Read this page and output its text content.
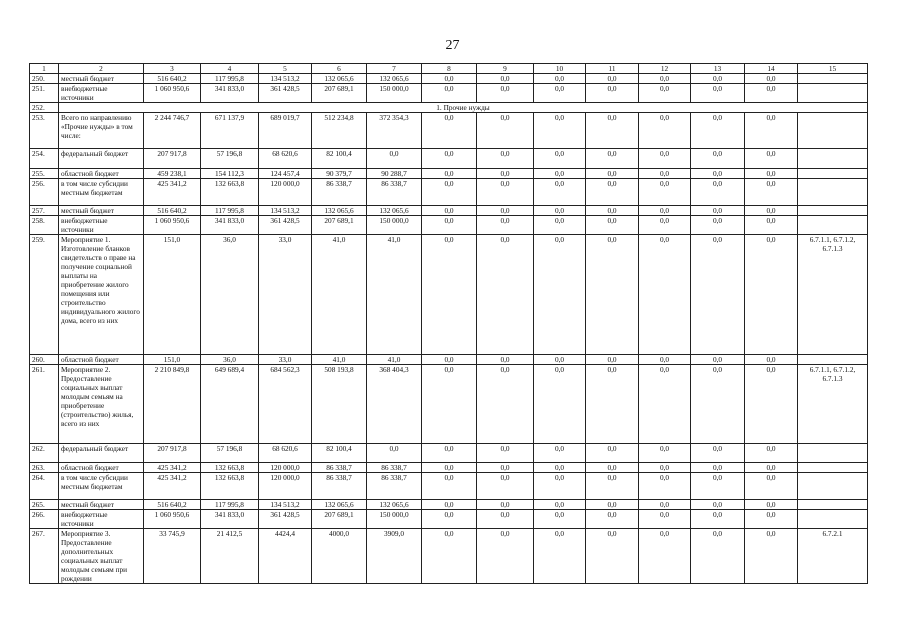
27
1	2	3	4	5	6	7	8	9	10	11	12	13	14	15
250.	местный бюджет	516 640,2	117 995,8	134 513,2	132 065,6	132 065,6	0,0	0,0	0,0	0,0	0,0	0,0	0,0	
251.	внебюджетные источники	1 060 950,6	341 833,0	361 428,5	207 689,1	150 000,0	0,0	0,0	0,0	0,0	0,0	0,0	0,0	
252.	1. Прочие нужды													
253.	Всего по направлению «Прочие нужды» в том числе:	2 244 746,7	671 137,9	689 019,7	512 234,8	372 354,3	0,0	0,0	0,0	0,0	0,0	0,0	0,0	
254.	федеральный бюджет	207 917,8	57 196,8	68 620,6	82 100,4	0,0	0,0	0,0	0,0	0,0	0,0	0,0	0,0	
255.	областной бюджет	459 238,1	154 112,3	124 457,4	90 379,7	90 288,7	0,0	0,0	0,0	0,0	0,0	0,0	0,0	
256.	в том числе субсидии местным бюджетам	425 341,2	132 663,8	120 000,0	86 338,7	86 338,7	0,0	0,0	0,0	0,0	0,0	0,0	0,0	
257.	местный бюджет	516 640,2	117 995,8	134 513,2	132 065,6	132 065,6	0,0	0,0	0,0	0,0	0,0	0,0	0,0	
258.	внебюджетные источники	1 060 950,6	341 833,0	361 428,5	207 689,1	150 000,0	0,0	0,0	0,0	0,0	0,0	0,0	0,0	
259.	Мероприятие 1. Изготовление бланков свидетельств о праве на получение социальной выплаты на приобретение жилого помещения или строительство индивидуального жилого дома, всего из них	151,0	36,0	33,0	41,0	41,0	0,0	0,0	0,0	0,0	0,0	0,0	0,0	6.7.1.1, 6.7.1.2, 6.7.1.3
260.	областной бюджет	151,0	36,0	33,0	41,0	41,0	0,0	0,0	0,0	0,0	0,0	0,0	0,0	
261.	Мероприятие 2. Предоставление социальных выплат молодым семьям на приобретение (строительство) жилья, всего из них	2 210 849,8	649 689,4	684 562,3	508 193,8	368 404,3	0,0	0,0	0,0	0,0	0,0	0,0	0,0	6.7.1.1, 6.7.1.2, 6.7.1.3
262.	федеральный бюджет	207 917,8	57 196,8	68 620,6	82 100,4	0,0	0,0	0,0	0,0	0,0	0,0	0,0	0,0	
263.	областной бюджет	425 341,2	132 663,8	120 000,0	86 338,7	86 338,7	0,0	0,0	0,0	0,0	0,0	0,0	0,0	
264.	в том числе субсидии местным бюджетам	425 341,2	132 663,8	120 000,0	86 338,7	86 338,7	0,0	0,0	0,0	0,0	0,0	0,0	0,0	
265.	местный бюджет	516 640,2	117 995,8	134 513,2	132 065,6	132 065,6	0,0	0,0	0,0	0,0	0,0	0,0	0,0	
266.	внебюджетные источники	1 060 950,6	341 833,0	361 428,5	207 689,1	150 000,0	0,0	0,0	0,0	0,0	0,0	0,0	0,0	
267.	Мероприятие 3. Предоставление дополнительных социальных выплат молодым семьям при рождении	33 745,9	21 412,5	4424,4	4000,0	3909,0	0,0	0,0	0,0	0,0	0,0	0,0	0,0	6.7.2.1
